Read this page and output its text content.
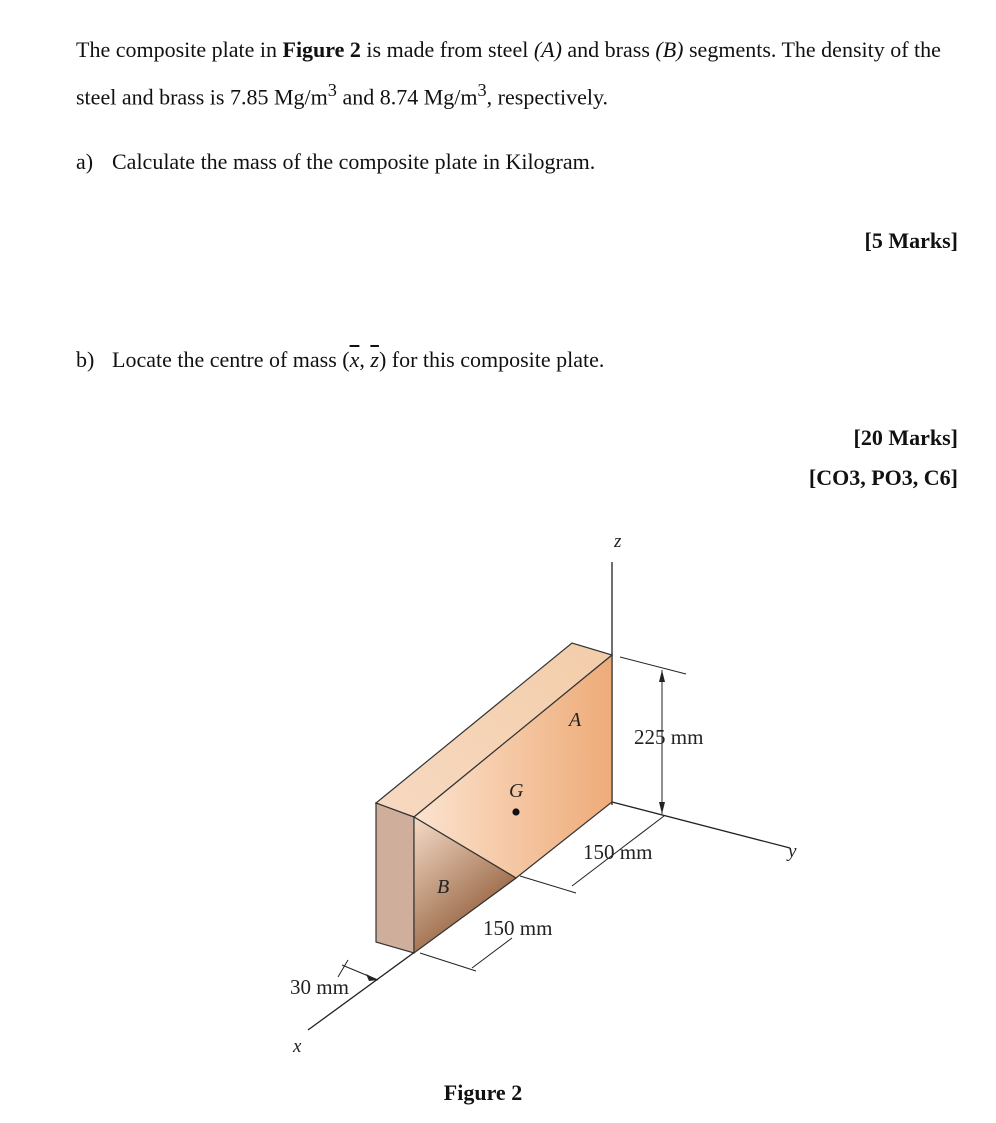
The composite plate in Figure 2 is made from steel (A) and brass (B) segments. The density of the steel and brass is 7.85 $Mg/m^3$ and 8.74 $Mg/m^3$, respectively.
a) Calculate the mass of the composite plate in Kilogram.
[5 Marks]
b) Locate the centre of mass ($\overline{x}$, $\overline{z}$) for this composite plate.
[20 Marks]
[CO3, PO3, C6]
z
y
x
A
B
G
225 mm
150 mm
150 mm
30 mm
Figure 2
